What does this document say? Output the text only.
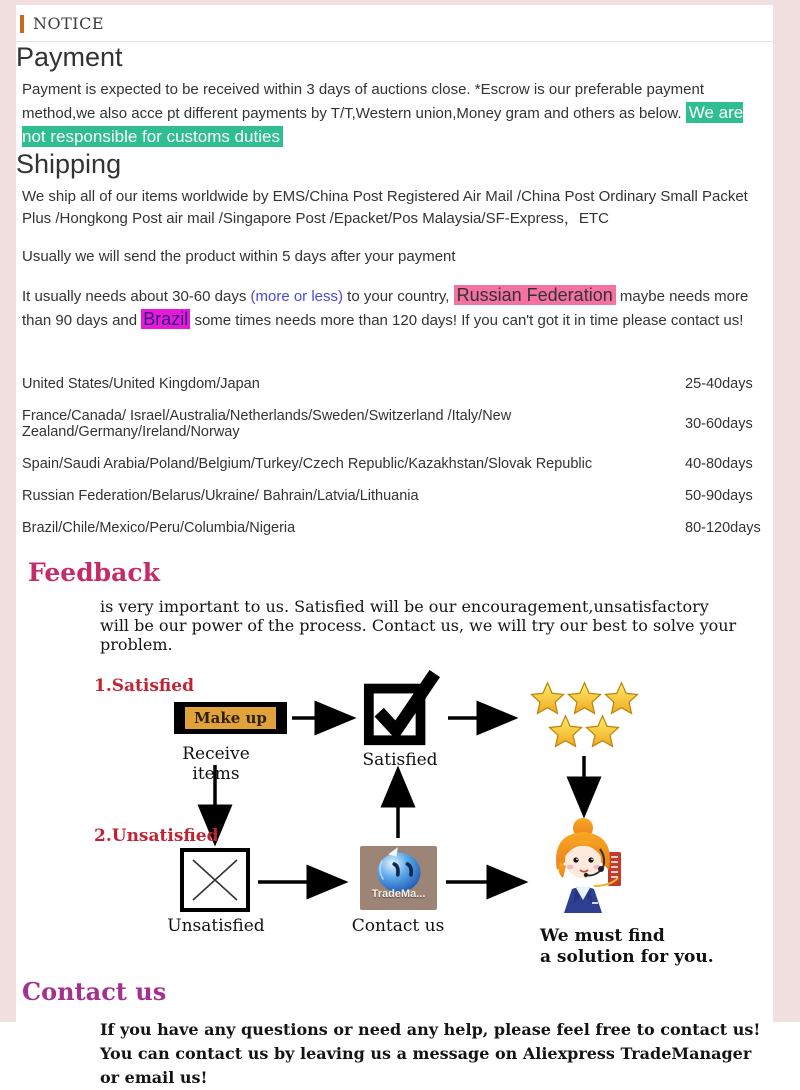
NOTICE
Payment

Payment is expected to be received within 3 days of auctions close. *Escrow is our preferable payment method,we also acce pt different payments by T/T,Western union,Money gram and others as below. We are not responsible for customs duties

Shipping

We ship all of our items worldwide by EMS/China Post Registered Air Mail /China Post Ordinary Small Packet Plus /Hongkong Post air mail /Singapore Post /Epacket/Pos Malaysia/SF-Express，ETC

Usually we will send the product within 5 days after your payment

It usually needs about 30-60 days (more or less) to your country, Russian Federation maybe needs more than 90 days and Brazil some times needs more than 120 days! If you can't got it in time please contact us!

United States/United Kingdom/Japan	25-40days
France/Canada/ Israel/Australia/Netherlands/Sweden/Switzerland /Italy/New Zealand/Germany/Ireland/Norway	30-60days
Spain/Saudi Arabia/Poland/Belgium/Turkey/Czech Republic/Kazakhstan/Slovak Republic	40-80days
Russian Federation/Belarus/Ukraine/ Bahrain/Latvia/Lithuania	50-90days
Brazil/Chile/Mexico/Peru/Columbia/Nigeria	80-120days
Feedback
is very important to us. Satisfied will be our encouragement,unsatisfactory
will be our power of the process. Contact us, we will try our best to solve your problem.
1.Satisfied
Make up
Receive items
Satisfied
2.Unsatisfied
Unsatisfied
TradeMa...
Contact us	We must find
a solution for you.
Contact us
If you have any questions or need any help, please feel free to contact us!
You can contact us by leaving us a message on Aliexpress TradeManager or email us!
